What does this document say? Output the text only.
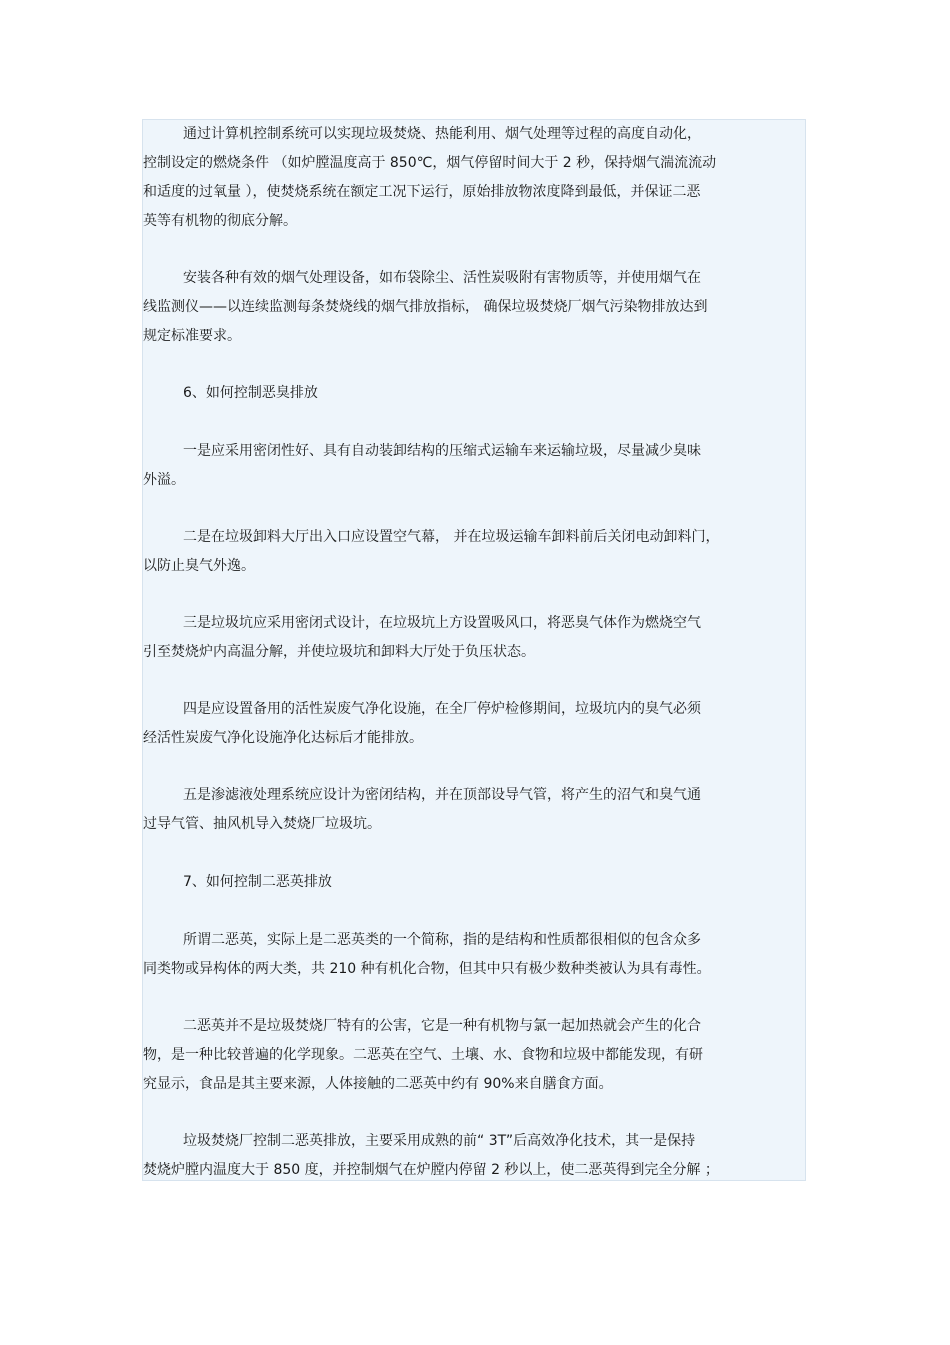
通过计算机控制系统可以实现垃圾焚烧、热能利用、烟气处理等过程的高度自动化，
控制设定的燃烧条件 （如炉膛温度高于 850℃，烟气停留时间大于 2 秒，保持烟气湍流流动
和适度的过氧量 ），使焚烧系统在额定工况下运行，原始排放物浓度降到最低，并保证二恶
英等有机物的彻底分解。
安装各种有效的烟气处理设备，如布袋除尘、活性炭吸附有害物质等，并使用烟气在
线监测仪——以连续监测每条焚烧线的烟气排放指标， 确保垃圾焚烧厂烟气污染物排放达到
规定标准要求。
6、如何控制恶臭排放
一是应采用密闭性好、具有自动装卸结构的压缩式运输车来运输垃圾，尽量减少臭味
外溢。
二是在垃圾卸料大厅出入口应设置空气幕， 并在垃圾运输车卸料前后关闭电动卸料门，
以防止臭气外逸。
三是垃圾坑应采用密闭式设计，在垃圾坑上方设置吸风口，将恶臭气体作为燃烧空气
引至焚烧炉内高温分解，并使垃圾坑和卸料大厅处于负压状态。
四是应设置备用的活性炭废气净化设施，在全厂停炉检修期间，垃圾坑内的臭气必须
经活性炭废气净化设施净化达标后才能排放。
五是渗滤液处理系统应设计为密闭结构，并在顶部设导气管，将产生的沼气和臭气通
过导气管、抽风机导入焚烧厂垃圾坑。
7、如何控制二恶英排放
所谓二恶英，实际上是二恶英类的一个简称，指的是结构和性质都很相似的包含众多
同类物或异构体的两大类，共 210 种有机化合物，但其中只有极少数种类被认为具有毒性。
二恶英并不是垃圾焚烧厂特有的公害，它是一种有机物与氯一起加热就会产生的化合
物，是一种比较普遍的化学现象。二恶英在空气、土壤、水、食物和垃圾中都能发现，有研
究显示，食品是其主要来源，人体接触的二恶英中约有 90%来自膳食方面。
垃圾焚烧厂控制二恶英排放，主要采用成熟的前“ 3T”后高效净化技术，其一是保持
焚烧炉膛内温度大于 850 度，并控制烟气在炉膛内停留 2 秒以上，使二恶英得到完全分解 ；
